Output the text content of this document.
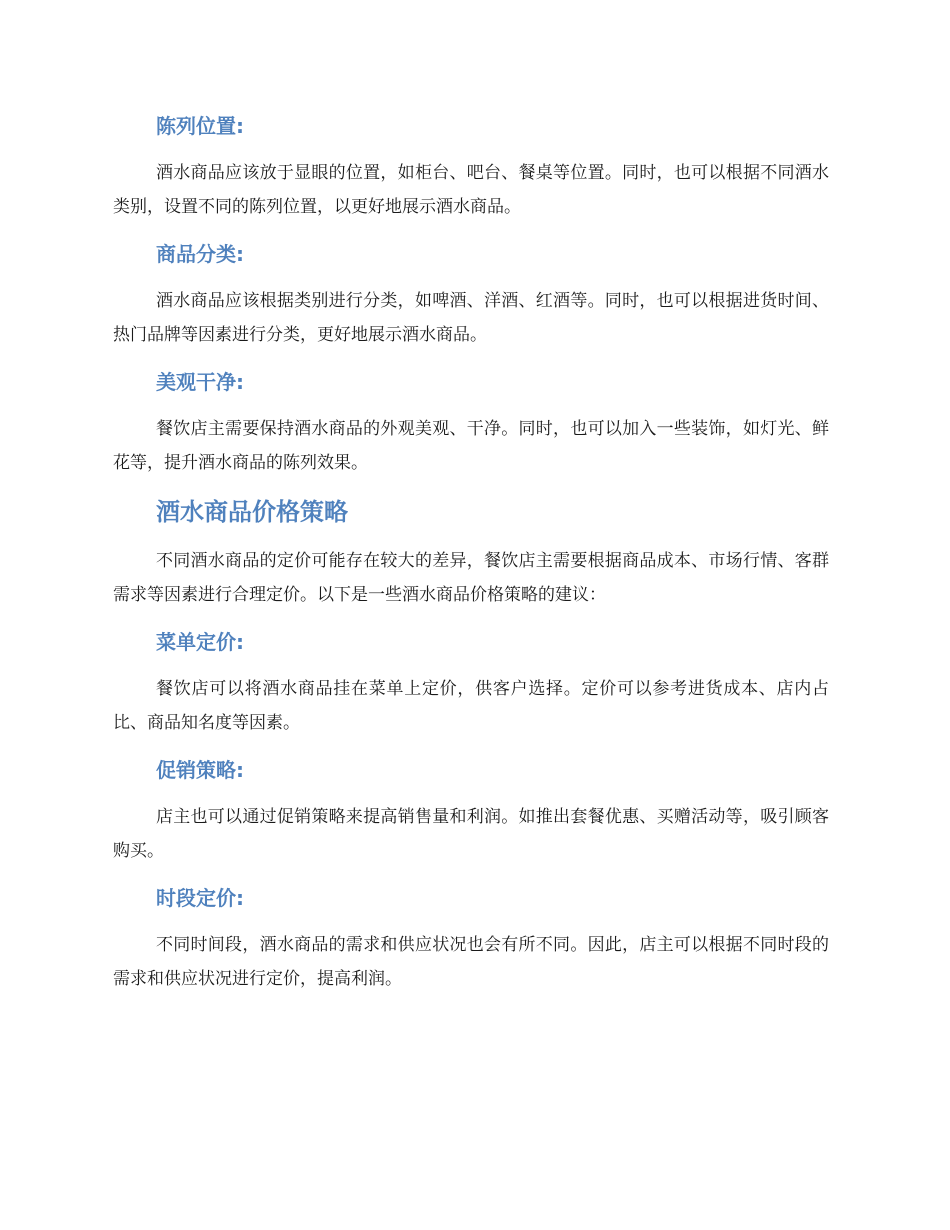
陈列位置:

酒水商品应该放于显眼的位置，如柜台、吧台、餐桌等位置。同时，也可以根据不同酒水类别，设置不同的陈列位置，以更好地展示酒水商品。

商品分类:

酒水商品应该根据类别进行分类，如啤酒、洋酒、红酒等。同时，也可以根据进货时间、热门品牌等因素进行分类，更好地展示酒水商品。

美观干净:

餐饮店主需要保持酒水商品的外观美观、干净。同时，也可以加入一些装饰，如灯光、鲜花等，提升酒水商品的陈列效果。

酒水商品价格策略

不同酒水商品的定价可能存在较大的差异，餐饮店主需要根据商品成本、市场行情、客群需求等因素进行合理定价。以下是一些酒水商品价格策略的建议：

菜单定价:

餐饮店可以将酒水商品挂在菜单上定价，供客户选择。定价可以参考进货成本、店内占比、商品知名度等因素。

促销策略:

店主也可以通过促销策略来提高销售量和利润。如推出套餐优惠、买赠活动等，吸引顾客购买。

时段定价:

不同时间段，酒水商品的需求和供应状况也会有所不同。因此，店主可以根据不同时段的需求和供应状况进行定价，提高利润。
